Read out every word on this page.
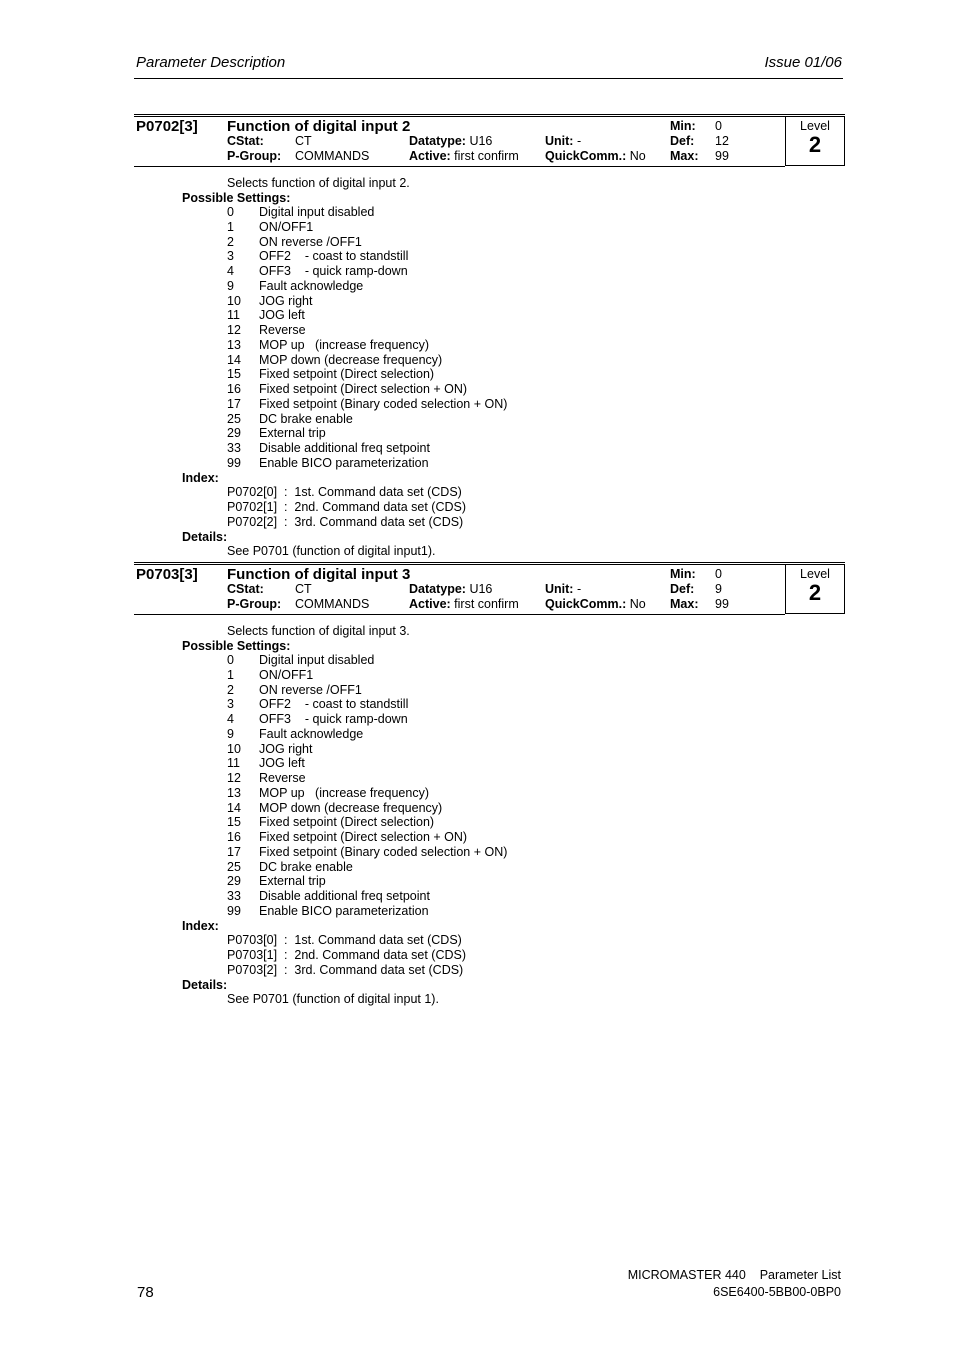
Parameter Description	Issue 01/06
P0702[3] Function of digital input 2
CStat: CT
P-Group: COMMANDS
Datatype: U16
Active: first confirm
Unit: -
QuickComm.: No
Min: 0
Def: 12
Max: 99
Level
2
Selects function of digital input 2.
Possible Settings:
0 Digital input disabled
1 ON/OFF1
2 ON reverse /OFF1
3 OFF2    - coast to standstill
4 OFF3    - quick ramp-down
9 Fault acknowledge
10 JOG right
11 JOG left
12 Reverse
13 MOP up   (increase frequency)
14 MOP down (decrease frequency)
15 Fixed setpoint (Direct selection)
16 Fixed setpoint (Direct selection + ON)
17 Fixed setpoint (Binary coded selection + ON)
25 DC brake enable
29 External trip
33 Disable additional freq setpoint
99 Enable BICO parameterization
Index:
P0702[0]  :  1st. Command data set (CDS)
P0702[1]  :  2nd. Command data set (CDS)
P0702[2]  :  3rd. Command data set (CDS)
Details:
See P0701 (function of digital input1).
P0703[3] Function of digital input 3
CStat: CT
P-Group: COMMANDS
Datatype: U16
Active: first confirm
Unit: -
QuickComm.: No
Min: 0
Def: 9
Max: 99
Level
2
Selects function of digital input 3.
Possible Settings:
0 Digital input disabled
1 ON/OFF1
2 ON reverse /OFF1
3 OFF2    - coast to standstill
4 OFF3    - quick ramp-down
9 Fault acknowledge
10 JOG right
11 JOG left
12 Reverse
13 MOP up   (increase frequency)
14 MOP down (decrease frequency)
15 Fixed setpoint (Direct selection)
16 Fixed setpoint (Direct selection + ON)
17 Fixed setpoint (Binary coded selection + ON)
25 DC brake enable
29 External trip
33 Disable additional freq setpoint
99 Enable BICO parameterization
Index:
P0703[0]  :  1st. Command data set (CDS)
P0703[1]  :  2nd. Command data set (CDS)
P0703[2]  :  3rd. Command data set (CDS)
Details:
See P0701 (function of digital input 1).
78
MICROMASTER 440    Parameter List
6SE6400-5BB00-0BP0
